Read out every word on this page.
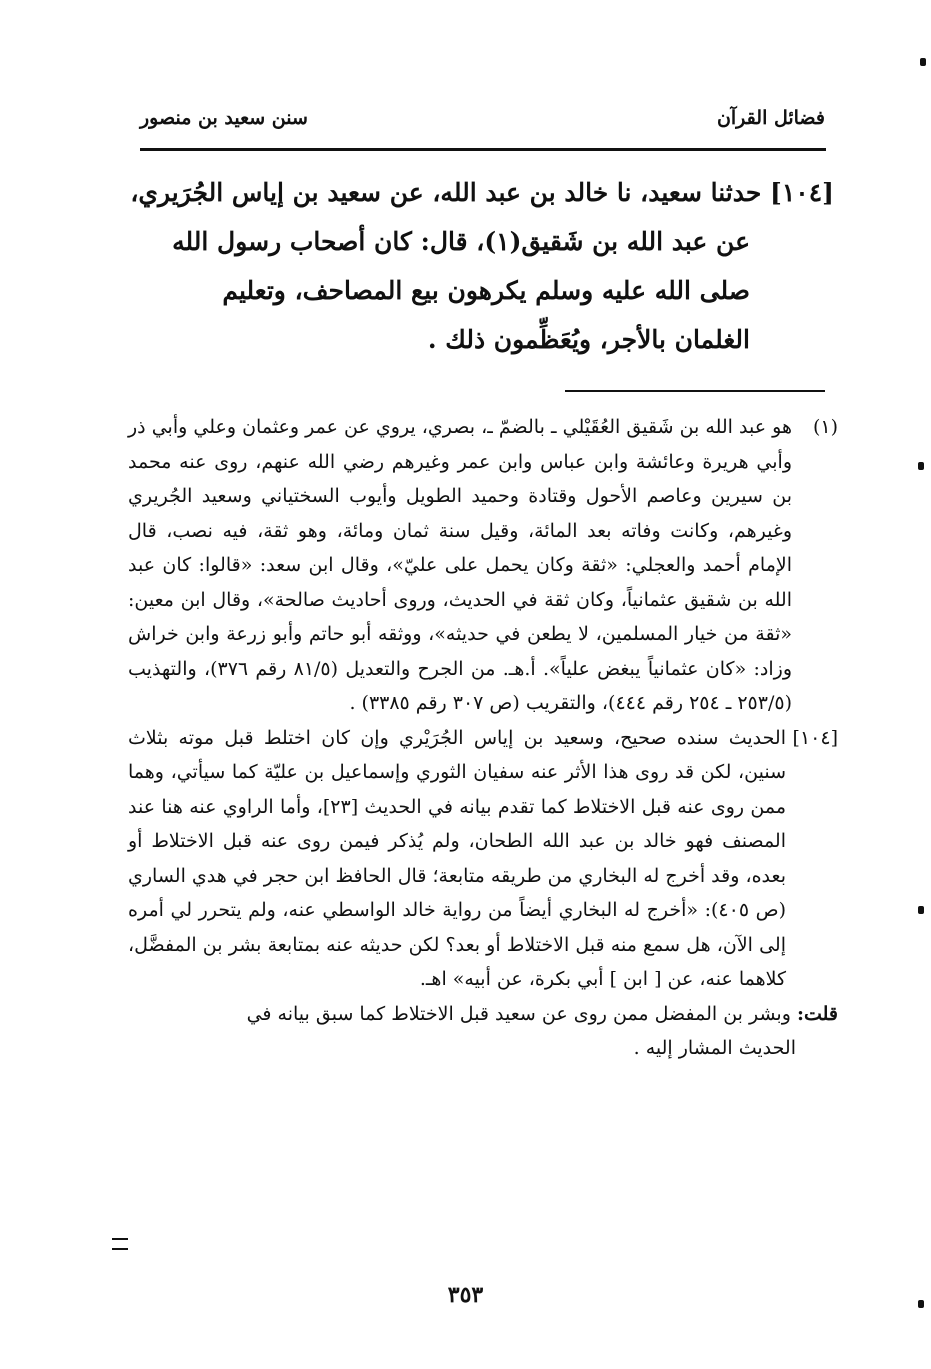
فضائل القرآن
سنن سعيد بن منصور
[١٠٤] حدثنا سعيد، نا خالد بن عبد الله، عن سعيد بن إياس الجُرَيري،
عن عبد الله بن شَقيق(١)، قال: كان أصحاب رسول الله
صلى الله عليه وسلم يكرهون بيع المصاحف، وتعليم
الغلمان بالأجر، ويُعَظِّمون ذلك .
(١)

هو عبد الله بن شَقيق العُقَيْلي ـ بالضمّ ـ، بصري، يروي عن عمر وعثمان وعلي وأبي ذر وأبي هريرة وعائشة وابن عباس وابن عمر وغيرهم رضي الله عنهم، روى عنه محمد بن سيرين وعاصم الأحول وقتادة وحميد الطويل وأيوب السختياني وسعيد الجُريري وغيرهم، وكانت وفاته بعد المائة، وقيل سنة ثمان ومائة، وهو ثقة، فيه نصب، قال الإمام أحمد والعجلي: «ثقة وكان يحمل على عليّ»، وقال ابن سعد: «قالوا: كان عبد الله بن شقيق عثمانياً، وكان ثقة في الحديث، وروى أحاديث صالحة»، وقال ابن معين: «ثقة من خيار المسلمين، لا يطعن في حديثه»، ووثقه أبو حاتم وأبو زرعة وابن خراش وزاد: «كان عثمانياً يبغض علياً». أ.هـ. من الجرح والتعديل (٨١/٥ رقم ٣٧٦)، والتهذيب (٢٥٣/٥ ـ ٢٥٤ رقم ٤٤٤)، والتقريب (ص ٣٠٧ رقم ٣٣٨٥) .

[١٠٤]

الحديث سنده صحيح، وسعيد بن إياس الجُرَيْري وإن كان اختلط قبل موته بثلاث سنين، لكن قد روى هذا الأثر عنه سفيان الثوري وإسماعيل بن عليّة كما سيأتي، وهما ممن روى عنه قبل الاختلاط كما تقدم بيانه في الحديث [٢٣]، وأما الراوي عنه هنا عند المصنف فهو خالد بن عبد الله الطحان، ولم يُذكر فيمن روى عنه قبل الاختلاط أو بعده، وقد أخرج له البخاري من طريقه متابعة؛ قال الحافظ ابن حجر في هدي الساري (ص ٤٠٥): «أخرج له البخاري أيضاً من رواية خالد الواسطي عنه، ولم يتحرر لي أمره إلى الآن، هل سمع منه قبل الاختلاط أو بعد؟ لكن حديثه عنه بمتابعة بشر بن المفضَّل، كلاهما عنه، عن [ ابن ] أبي بكرة، عن أبيه» اهـ.

قلت: وبشر بن المفضل ممن روى عن سعيد قبل الاختلاط كما سبق بيانه في
الحديث المشار إليه .

٣٥٣
